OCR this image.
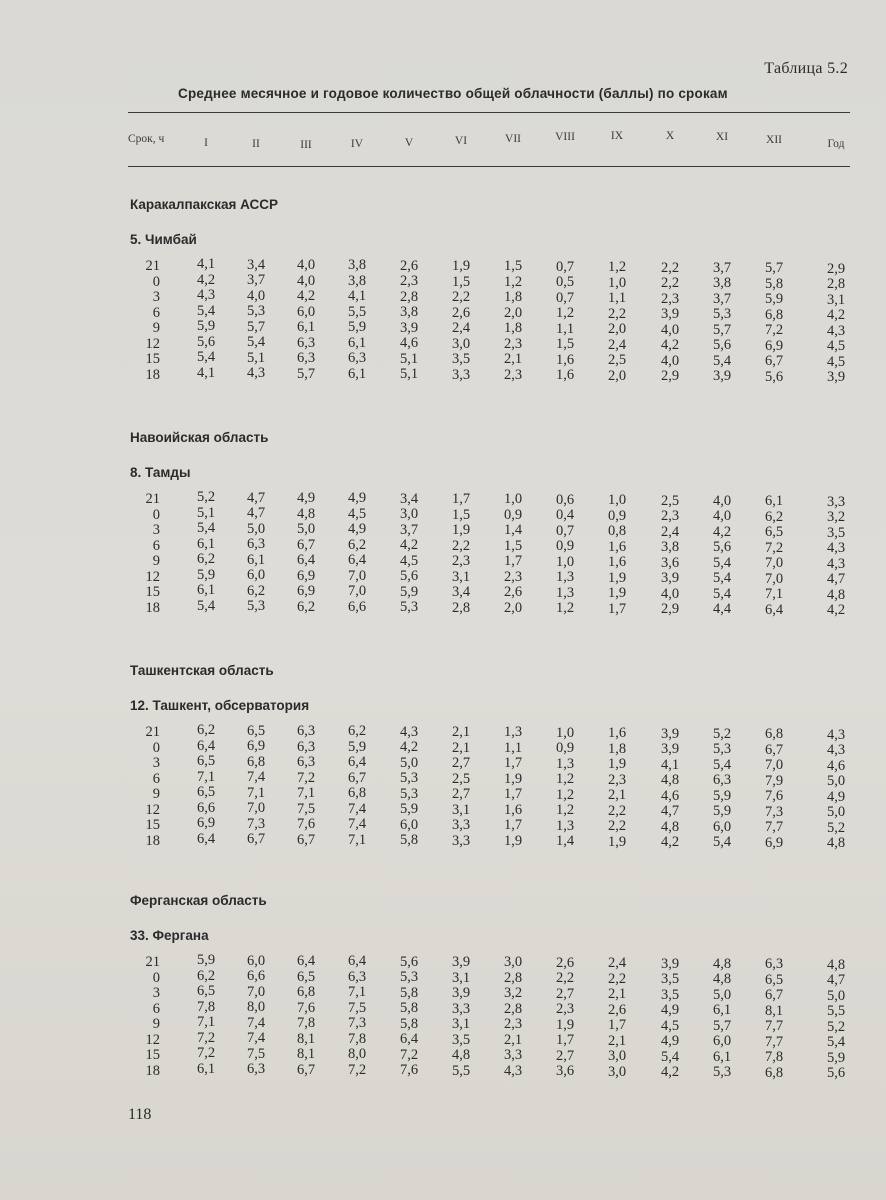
Таблица 5.2
Среднее месячное и годовое количество общей облачности (баллы) по срокам
Срок, ч	I	II	III	IV	V	VI	VII	VIII	IX	X	XI	XII	Год
Каракалпакская АССР
5. Чимбай
21	4,1 3,4 4,0 3,8 2,6 1,9 1,5 0,7 1,2 2,2 3,7 5,7	2,9
0	4,2 3,7 4,0 3,8 2,3 1,5 1,2 0,5 1,0 2,2 3,8 5,8	2,8
3	4,3 4,0 4,2 4,1 2,8 2,2 1,8 0,7 1,1 2,3 3,7 5,9	3,1
6	5,4 5,3 6,0 5,5 3,8 2,6 2,0 1,2 2,2 3,9 5,3 6,8	4,2
9	5,9 5,7 6,1 5,9 3,9 2,4 1,8 1,1 2,0 4,0 5,7 7,2	4,3
12	5,6 5,4 6,3 6,1 4,6 3,0 2,3 1,5 2,4 4,2 5,6 6,9	4,5
15	5,4 5,1 6,3 6,3 5,1 3,5 2,1 1,6 2,5 4,0 5,4 6,7	4,5
18	4,1 4,3 5,7 6,1 5,1 3,3 2,3 1,6 2,0 2,9 3,9 5,6	3,9
Навоийская область
8. Тамды
21	5,2 4,7 4,9 4,9 3,4 1,7 1,0 0,6 1,0 2,5 4,0 6,1	3,3
0	5,1 4,7 4,8 4,5 3,0 1,5 0,9 0,4 0,9 2,3 4,0 6,2	3,2
3	5,4 5,0 5,0 4,9 3,7 1,9 1,4 0,7 0,8 2,4 4,2 6,5	3,5
6	6,1 6,3 6,7 6,2 4,2 2,2 1,5 0,9 1,6 3,8 5,6 7,2	4,3
9	6,2 6,1 6,4 6,4 4,5 2,3 1,7 1,0 1,6 3,6 5,4 7,0	4,3
12	5,9 6,0 6,9 7,0 5,6 3,1 2,3 1,3 1,9 3,9 5,4 7,0	4,7
15	6,1 6,2 6,9 7,0 5,9 3,4 2,6 1,3 1,9 4,0 5,4 7,1	4,8
18	5,4 5,3 6,2 6,6 5,3 2,8 2,0 1,2 1,7 2,9 4,4 6,4	4,2
Ташкентская область
12. Ташкент, обсерватория
21	6,2 6,5 6,3 6,2 4,3 2,1 1,3 1,0 1,6 3,9 5,2 6,8	4,3
0	6,4 6,9 6,3 5,9 4,2 2,1 1,1 0,9 1,8 3,9 5,3 6,7	4,3
3	6,5 6,8 6,3 6,4 5,0 2,7 1,7 1,3 1,9 4,1 5,4 7,0	4,6
6	7,1 7,4 7,2 6,7 5,3 2,5 1,9 1,2 2,3 4,8 6,3 7,9	5,0
9	6,5 7,1 7,1 6,8 5,3 2,7 1,7 1,2 2,1 4,6 5,9 7,6	4,9
12	6,6 7,0 7,5 7,4 5,9 3,1 1,6 1,2 2,2 4,7 5,9 7,3	5,0
15	6,9 7,3 7,6 7,4 6,0 3,3 1,7 1,3 2,2 4,8 6,0 7,7	5,2
18	6,4 6,7 6,7 7,1 5,8 3,3 1,9 1,4 1,9 4,2 5,4 6,9	4,8
Ферганская область
33. Фергана
21	5,9 6,0 6,4 6,4 5,6 3,9 3,0 2,6 2,4 3,9 4,8 6,3	4,8
0	6,2 6,6 6,5 6,3 5,3 3,1 2,8 2,2 2,2 3,5 4,8 6,5	4,7
3	6,5 7,0 6,8 7,1 5,8 3,9 3,2 2,7 2,1 3,5 5,0 6,7	5,0
6	7,8 8,0 7,6 7,5 5,8 3,3 2,8 2,3 2,6 4,9 6,1 8,1	5,5
9	7,1 7,4 7,8 7,3 5,8 3,1 2,3 1,9 1,7 4,5 5,7 7,7	5,2
12	7,2 7,4 8,1 7,8 6,4 3,5 2,1 1,7 2,1 4,9 6,0 7,7	5,4
15	7,2 7,5 8,1 8,0 7,2 4,8 3,3 2,7 3,0 5,4 6,1 7,8	5,9
18	6,1 6,3 6,7 7,2 7,6 5,5 4,3 3,6 3,0 4,2 5,3 6,8	5,6
118
